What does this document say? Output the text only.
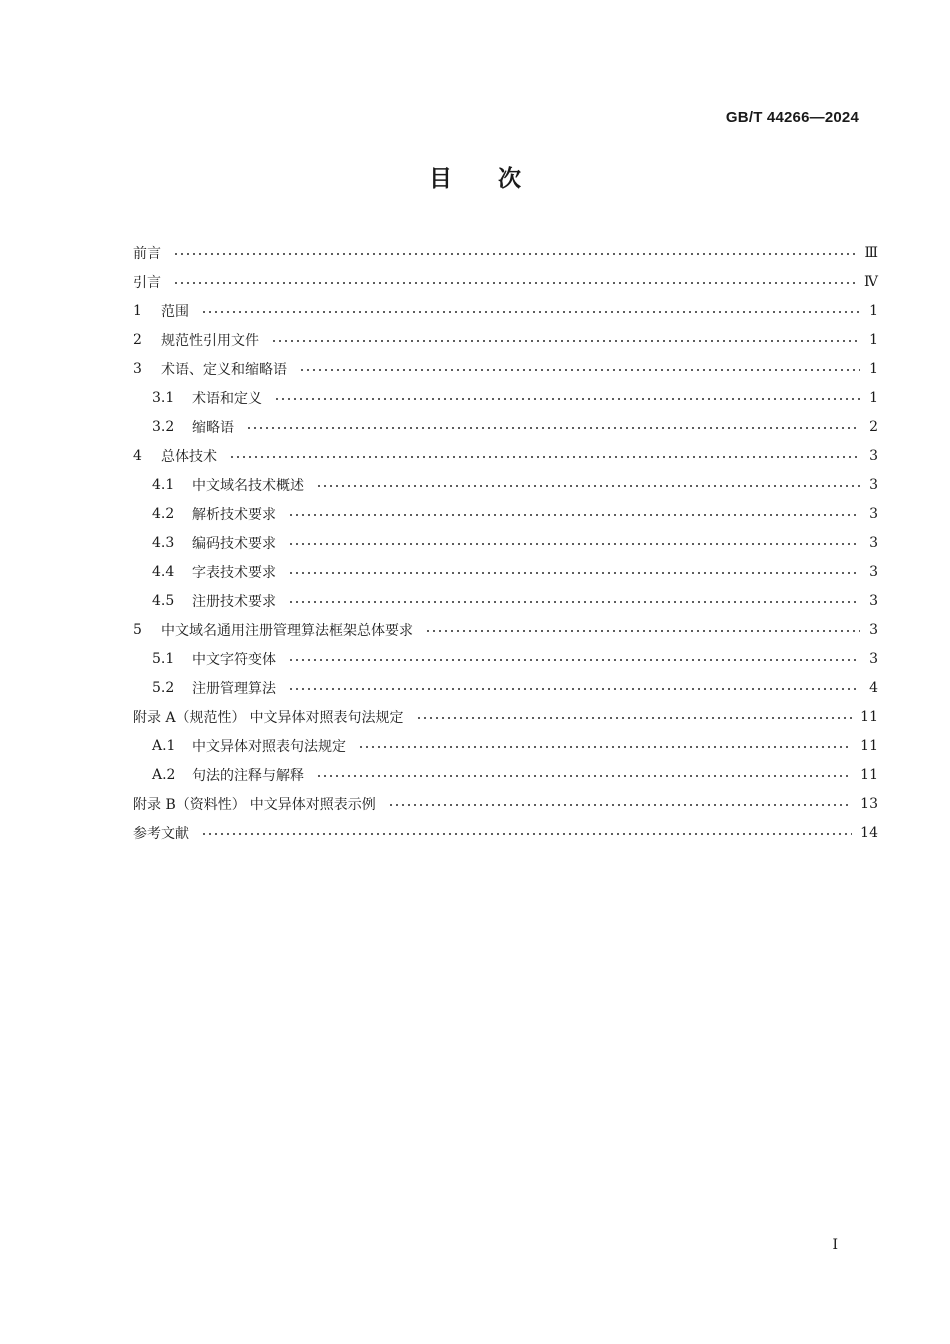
GB/T 44266—2024
目次
前言	Ⅲ
引言	Ⅳ
1	范围	1
2	规范性引用文件	1
3	术语、定义和缩略语	1
3.1	术语和定义	1
3.2	缩略语	2
4	总体技术	3
4.1	中文域名技术概述	3
4.2	解析技术要求	3
4.3	编码技术要求	3
4.4	字表技术要求	3
4.5	注册技术要求	3
5	中文域名通用注册管理算法框架总体要求	3
5.1	中文字符变体	3
5.2	注册管理算法	4
附录 A（规范性） 中文异体对照表句法规定	11
A.1	中文异体对照表句法规定	11
A.2	句法的注释与解释	11
附录 B（资料性） 中文异体对照表示例	13
参考文献	14
I
